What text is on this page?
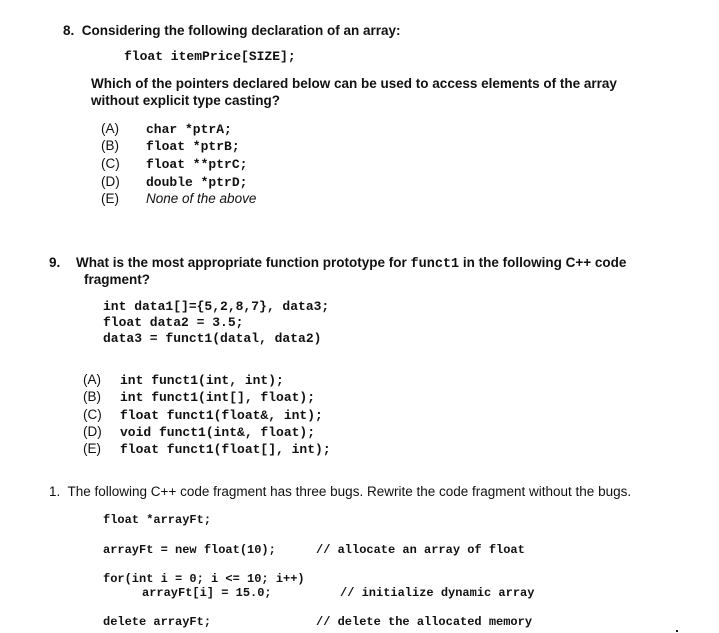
8.  Considering the following declaration of an array:
float itemPrice[SIZE];
Which of the pointers declared below can be used to access elements of the array
without explicit type casting?
(A) char *ptrA;
(B) float *ptrB;
(C) float **ptrC;
(D) double *ptrD;
(E) None of the above
9. What is the most appropriate function prototype for funct1 in the following C++ code
fragment?
int data1[]={5,2,8,7}, data3;
float data2 = 3.5;
data3 = funct1(datal, data2)
(A) int funct1(int, int);
(B) int funct1(int[], float);
(C) float funct1(float&, int);
(D) void funct1(int&, float);
(E) float funct1(float[], int);
1.  The following C++ code fragment has three bugs. Rewrite the code fragment without the bugs.
float *arrayFt;
arrayFt = new float(10);	// allocate an array of float
for(int i = 0; i <= 10; i++)
arrayFt[i] = 15.0;	// initialize dynamic array
delete arrayFt;	// delete the allocated memory
